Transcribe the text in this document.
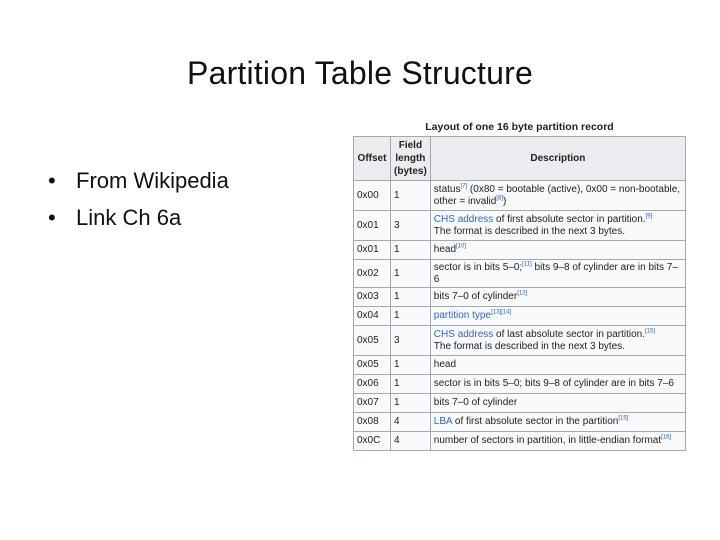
Partition Table Structure
• From Wikipedia
• Link Ch 6a
Layout of one 16 byte partition record
Offset	Field
length
(bytes)	Description
0x00	1	status[7] (0x80 = bootable (active), 0x00 = non-bootable, other = invalid[8])
0x01	3	CHS address of first absolute sector in partition.[9]
The format is described in the next 3 bytes.
0x01	1	head[10]
0x02	1	sector is in bits 5–0;[11] bits 9–8 of cylinder are in bits 7–6
0x03	1	bits 7–0 of cylinder[12]
0x04	1	partition type[13][14]
0x05	3	CHS address of last absolute sector in partition.[15]
The format is described in the next 3 bytes.
0x05	1	head
0x06	1	sector is in bits 5–0; bits 9–8 of cylinder are in bits 7–6
0x07	1	bits 7–0 of cylinder
0x08	4	LBA of first absolute sector in the partition[15]
0x0C	4	number of sectors in partition, in little-endian format[16]
